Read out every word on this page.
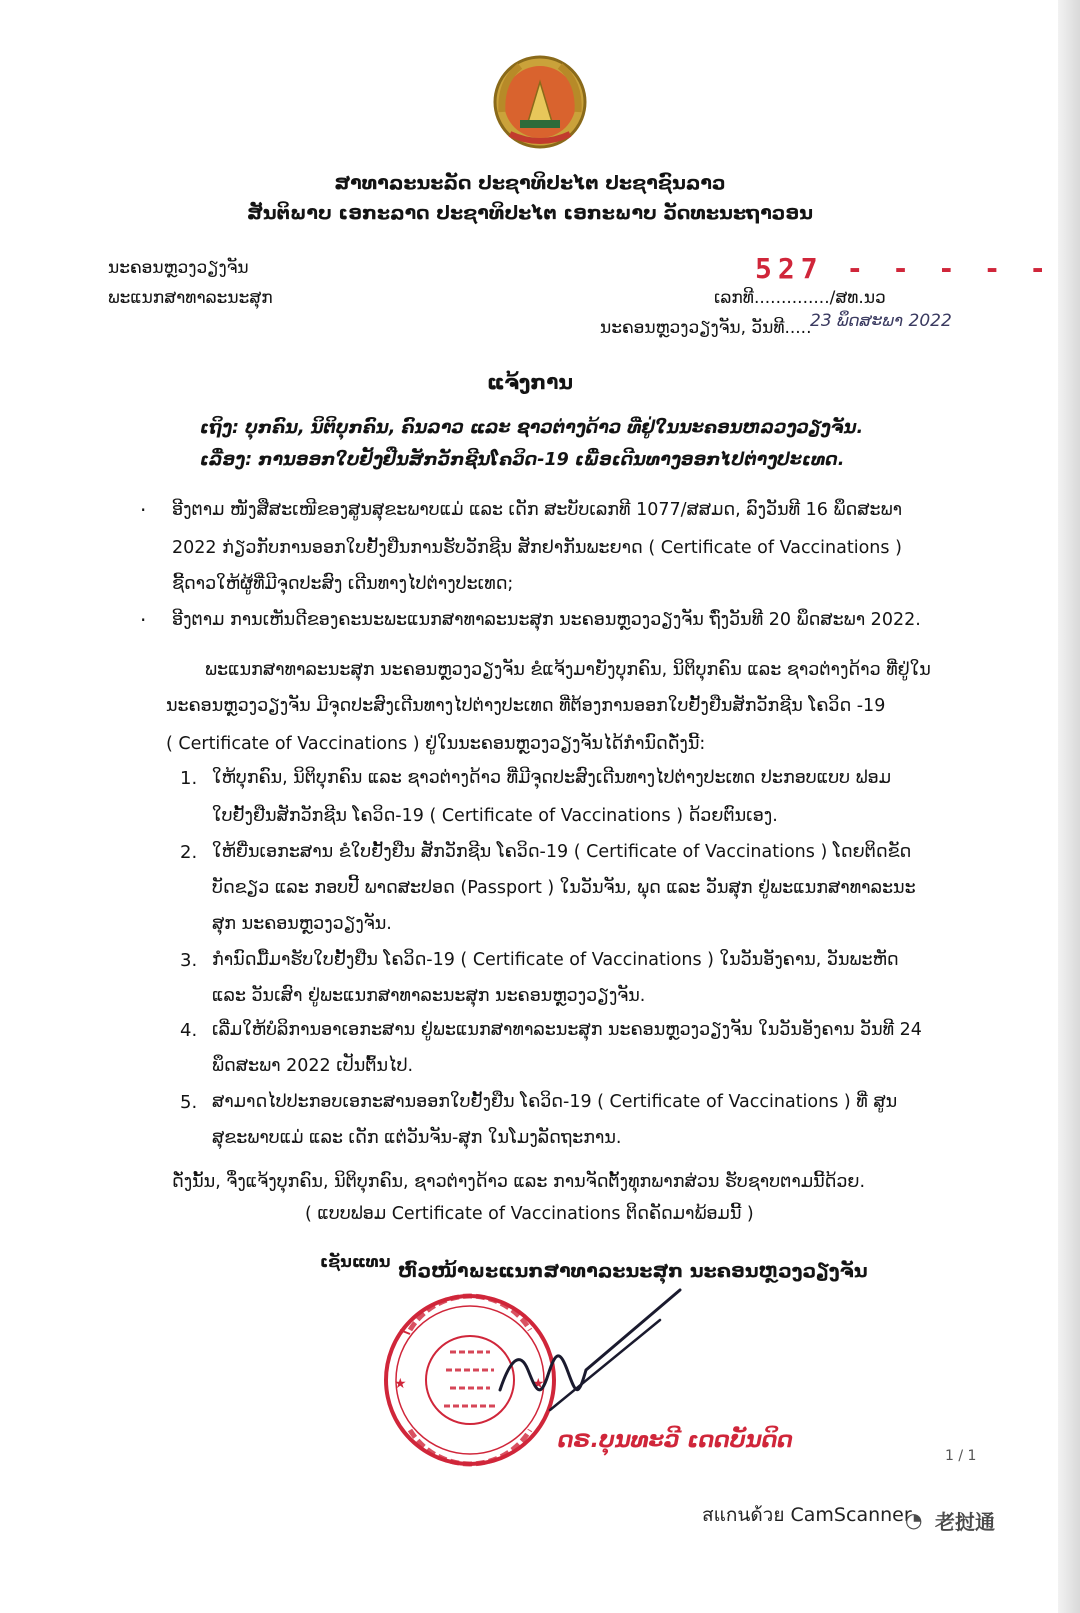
ສາທາລະນະລັດ ປະຊາທິປະໄຕ ປະຊາຊົນລາວ
ສັນຕິພາບ ເອກະລາດ ປະຊາທິປະໄຕ ເອກະພາບ ວັດທະນະຖາວອນ
ນະຄອນຫຼວງວຽງຈັນ
ພະແນກສາທາລະນະສຸກ
527 - - - - -
ເລກທີ............../ສທ.ນວ
ນະຄອນຫຼວງວຽງຈັນ, ວັນທີ.....
23 ພຶດສະພາ 2022
ແຈ້ງການ
ເຖິງ: ບຸກຄົນ, ນິຕິບຸກຄົນ, ຄົນລາວ ແລະ ຊາວຕ່າງດ້າວ ທີ່ຢູ່ໃນນະຄອນຫລວງວຽງຈັນ.
ເລື່ອງ: ການອອກໃບຢັ້ງຢືນສັກວັກຊີນໂຄວິດ-19 ເພື່ອເດີນທາງອອກໄປຕ່າງປະເທດ.
· ອີງຕາມ ໜັງສືສະເໜີຂອງສູນສຸຂະພາບແມ່ ແລະ ເດັກ ສະບັບເລກທີ 1077/ສສມດ, ລົງວັນທີ 16 ພຶດສະພາ
2022 ກ່ຽວກັບການອອກໃບຢັ້ງຢືນການຮັບວັກຊີນ ສັກຢາກັນພະຍາດ ( Certificate of Vaccinations )
ຊີ້ດາວໃຫ້ຜູ້ທີ່ມີຈຸດປະສົງ ເດີນທາງໄປຕ່າງປະເທດ;
· ອີງຕາມ ການເຫັນດີຂອງຄະນະພະແນກສາທາລະນະສຸກ ນະຄອນຫຼວງວຽງຈັນ ຖົ່ງວັນທີ 20 ພຶດສະພາ 2022.
ພະແນກສາທາລະນະສຸກ ນະຄອນຫຼວງວຽງຈັນ ຂໍແຈ້ງມາຍັງບຸກຄົນ, ນິຕິບຸກຄົນ ແລະ ຊາວຕ່າງດ້າວ ທີ່ຢູ່ໃນ
ນະຄອນຫຼວງວຽງຈັນ ມີຈຸດປະສົງເດີນທາງໄປຕ່າງປະເທດ ທີ່ຕ້ອງການອອກໃບຢັ້ງຢືນສັກວັກຊີນ ໂຄວິດ -19
( Certificate of Vaccinations ) ຢູ່ໃນນະຄອນຫຼວງວຽງຈັນໄດ້ກຳນົດດັ່ງນີ້:
1. ໃຫ້ບຸກຄົນ, ນິຕິບຸກຄົນ ແລະ ຊາວຕ່າງດ້າວ ທີ່ມີຈຸດປະສົງເດີນທາງໄປຕ່າງປະເທດ ປະກອບແບບ ຟອມ
ໃບຢັ້ງຢືນສັກວັກຊີນ ໂຄວິດ-19 ( Certificate of Vaccinations ) ດ້ວຍຕົນເອງ.
2. ໃຫ້ຍື່ນເອກະສານ ຂໍໃບຢັ້ງຢືນ ສັກວັກຊີນ ໂຄວິດ-19 ( Certificate of Vaccinations ) ໂດຍຕິດຂັດ
ບັດຂຽວ ແລະ ກອບປີ້ ພາດສະປອດ (Passport ) ໃນວັນຈັນ, ພຸດ ແລະ ວັນສຸກ ຢູ່ພະແນກສາທາລະນະ
ສຸກ ນະຄອນຫຼວງວຽງຈັນ.
3. ກຳນົດມື້ມາຮັບໃບຢັ້ງຢືນ ໂຄວິດ-19 ( Certificate of Vaccinations ) ໃນວັນອັງຄານ, ວັນພະຫັດ
ແລະ ວັນເສົາ ຢູ່ພະແນກສາທາລະນະສຸກ ນະຄອນຫຼວງວຽງຈັນ.
4. ເລີ່ມໃຫ້ບໍລິການອາເອກະສານ ຢູ່ພະແນກສາທາລະນະສຸກ ນະຄອນຫຼວງວຽງຈັນ ໃນວັນອັງຄານ ວັນທີ 24
ພຶດສະພາ 2022 ເປັນຕົ້ນໄປ.
5. ສາມາດໄປປະກອບເອກະສານອອກໃບຢັ້ງຢືນ ໂຄວິດ-19 ( Certificate of Vaccinations ) ທີ່ ສູນ
ສຸຂະພາບແມ່ ແລະ ເດັກ ແຕ່ວັນຈັນ-ສຸກ ໃນໂມງລັດຖະການ.
ດັ່ງນັ້ນ, ຈຶ່ງແຈ້ງບຸກຄົນ, ນິຕິບຸກຄົນ, ຊາວຕ່າງດ້າວ ແລະ ການຈັດຕັ້ງທຸກພາກສ່ວນ ຮັບຊາບຕາມນີ້ດ້ວຍ.
( ແບບຟອມ Certificate of Vaccinations ຕິດຄັດມາພ້ອມນີ້ )
ເຊັນແທນ ຫົວໜ້າພະແນກສາທາລະນະສຸກ ນະຄອນຫຼວງວຽງຈັນ
★	★
ດຣ.ບຸນທະວີ ເດດບັນດິດ
1 / 1
สแกนด้วย CamScanner
◔ 老挝通
